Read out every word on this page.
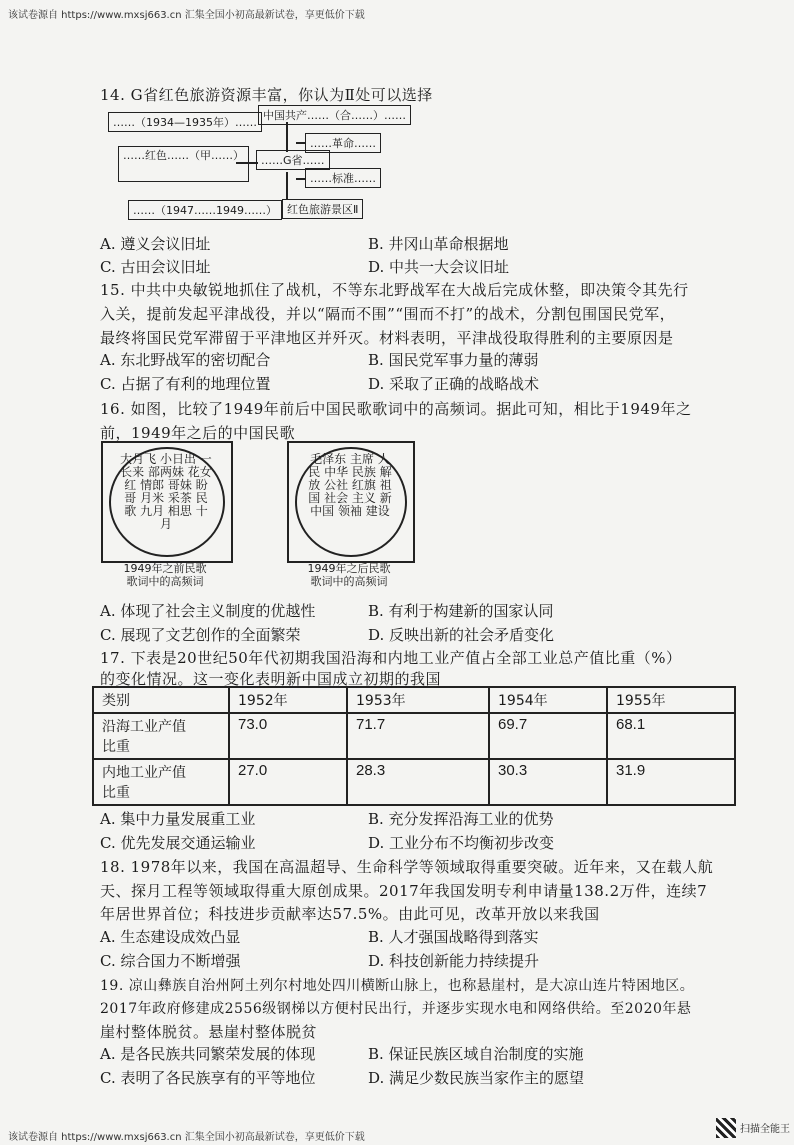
该试卷源自 https://www.mxsj663.cn 汇集全国小初高最新试卷，享更低价下载
14. G省红色旅游资源丰富，你认为Ⅱ处可以选择
……（1934—1935年）……
中国共产……（合……）……
……红色……（甲……）	……G省……
……革命……
……标准……
……（1947……1949……） 红色旅游景区Ⅱ
A. 遵义会议旧址	B. 井冈山革命根据地
C. 古田会议旧址	D. 中共一大会议旧址
15. 中共中央敏锐地抓住了战机，不等东北野战军在大战后完成休整，即决策令其先行
入关，提前发起平津战役，并以“隔而不围”“围而不打”的战术，分割包围国民党军，
最终将国民党军滞留于平津地区并歼灭。材料表明，平津战役取得胜利的主要原因是
A. 东北野战军的密切配合	B. 国民党军事力量的薄弱
C. 占据了有利的地理位置	D. 采取了正确的战略战术
16. 如图，比较了1949年前后中国民歌歌词中的高频词。据此可知，相比于1949年之
前，1949年之后的中国民歌
大月飞 小日出 一长来 部两妹 花女红 情郎 哥妹 盼哥 月米 采茶 民歌 九月 相思 十月
1949年之前民歌
歌词中的高频词
毛泽东 主席 人民 中华 民族 解放 公社 红旗 祖国 社会 主义 新中国 领袖 建设
1949年之后民歌
歌词中的高频词
A. 体现了社会主义制度的优越性	B. 有利于构建新的国家认同
C. 展现了文艺创作的全面繁荣	D. 反映出新的社会矛盾变化
17. 下表是20世纪50年代初期我国沿海和内地工业产值占全部工业总产值比重（%）
的变化情况。这一变化表明新中国成立初期的我国
类别	1952年	1953年	1954年	1955年

沿海工业产值
比重	73.0	71.7	69.7	68.1

内地工业产值
比重	27.0	28.3	30.3	31.9
A. 集中力量发展重工业	B. 充分发挥沿海工业的优势
C. 优先发展交通运输业	D. 工业分布不均衡初步改变
18. 1978年以来，我国在高温超导、生命科学等领域取得重要突破。近年来，又在载人航
天、探月工程等领域取得重大原创成果。2017年我国发明专利申请量138.2万件，连续7
年居世界首位；科技进步贡献率达57.5%。由此可见，改革开放以来我国
A. 生态建设成效凸显	B. 人才强国战略得到落实
C. 综合国力不断增强	D. 科技创新能力持续提升
19. 凉山彝族自治州阿土列尔村地处四川横断山脉上，也称悬崖村，是大凉山连片特困地区。
2017年政府修建成2556级钢梯以方便村民出行，并逐步实现水电和网络供给。至2020年悬
崖村整体脱贫。悬崖村整体脱贫
A. 是各民族共同繁荣发展的体现	B. 保证民族区域自治制度的实施
C. 表明了各民族享有的平等地位	D. 满足少数民族当家作主的愿望
该试卷源自 https://www.mxsj663.cn 汇集全国小初高最新试卷，享更低价下载
扫描全能王
